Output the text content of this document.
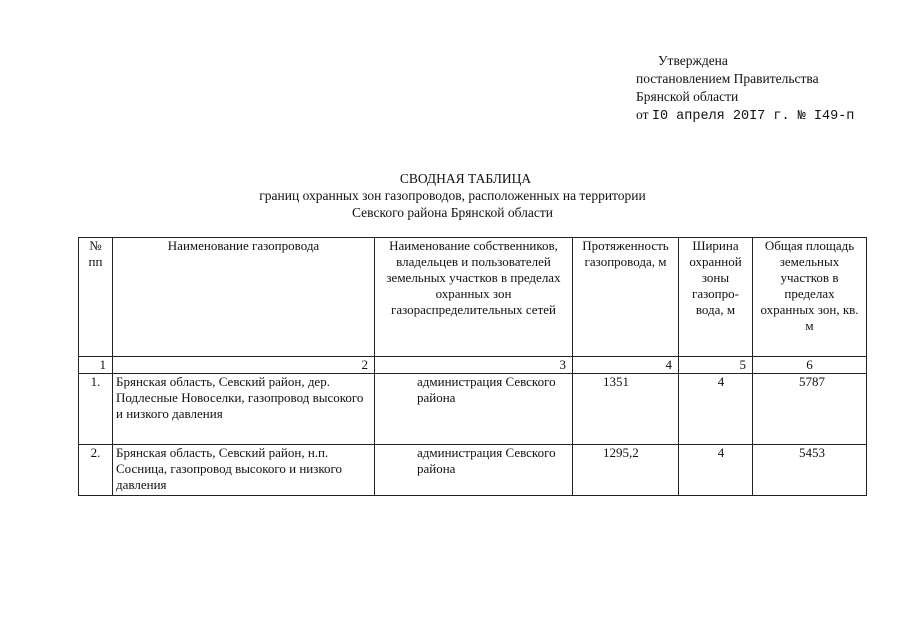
Утверждена
постановлением Правительства
Брянской области
от I0 апреля 20I7 г. № I49-п
СВОДНАЯ ТАБЛИЦА
границ охранных зон газопроводов, расположенных на территории
Севского района Брянской области
№ пп	Наименование газопровода	Наименование собственников, владельцев и пользователей земельных участков в пределах охранных зон газораспределительных сетей	Протяженность газопровода, м	Ширина охранной зоны газопро-вода, м	Общая площадь земельных участков в пределах охранных зон, кв. м
1	2	3	4	5	6
1.	Брянская область, Севский район, дер. Подлесные Новоселки, газопровод высокого и низкого давления	администрация Севского района	1351	4	5787
2.	Брянская область, Севский район, н.п. Сосница, газопровод высокого и низкого давления	администрация Севского района	1295,2	4	5453
